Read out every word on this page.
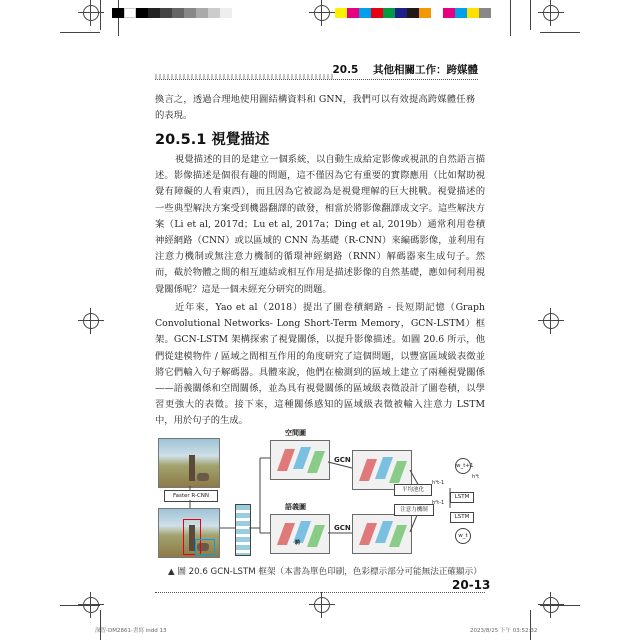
20.5 其他相關工作：跨媒體
換言之，透過合理地使用圖結構資料和 GNN，我們可以有效提高跨媒體任務的表現。
20.5.1 視覺描述
視覺描述的目的是建立一個系統，以自動生成給定影像或視訊的自然語言描述。影像描述是個很有趣的問題，這不僅因為它有重要的實際應用（比如幫助視覺有障礙的人看東西），而且因為它被認為是視覺理解的巨大挑戰。視覺描述的一些典型解決方案受到機器翻譯的啟發，相當於將影像翻譯成文字。這些解決方案（Li et al, 2017d；Lu et al, 2017a；Ding et al, 2019b）通常利用卷積神經網路（CNN）或以區域的 CNN 為基礎（R-CNN）來編碼影像，並利用有注意力機制或無注意力機制的循環神經網路（RNN）解碼器來生成句子。然而，截於物體之間的相互連結或相互作用是描述影像的自然基礎，應如何利用視覺關係呢？這是一個未經充分研究的問題。
近年來，Yao et al（2018）提出了圖卷積網路 - 長短期記憶（Graph Convolutional Networks- Long Short-Term Memory，GCN-LSTM）框架。GCN-LSTM 架構探索了視覺關係，以提升影像描述。如圖 20.6 所示，他們從建模物件 / 區域之間相互作用的角度研究了這個問題，以豐富區域級表徵並將它們輸入句子解碼器。具體來說，他們在檢測到的區域上建立了兩種視覺關係——語義關係和空間關係，並為具有視覺關係的區域級表徵設計了圖卷積，以學習更強大的表徵。接下來，這種關係感知的區域級表徵被輸入注意力 LSTM 中，用於句子的生成。
Faster R-CNN
空間圖
GCN
語義圖
騎
GCN
平均池化
注意力機制
LSTM
LSTM
w_t+1
w_t
h¹t-1
h²t-1
h¹t
▲ 圖 20.6 GCN-LSTM 框架（本書為單色印刷，色彩標示部分可能無法正確顯示）
20-13
深智-DM2861-書寫 indd 13	2023/8/25 下午 03:52:32
